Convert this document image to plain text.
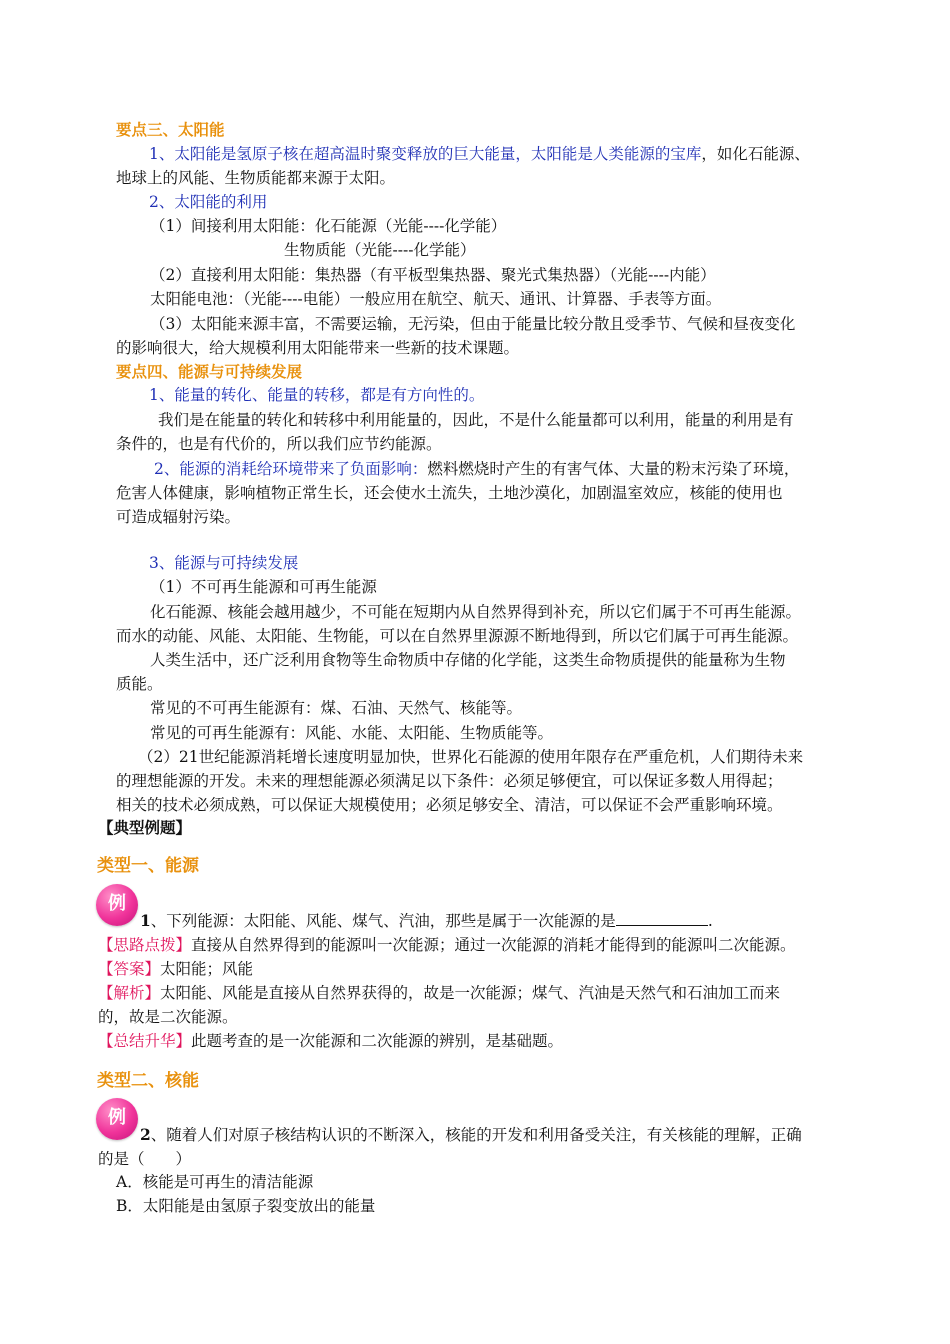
要点三、太阳能
1、太阳能是氢原子核在超高温时聚变释放的巨大能量，太阳能是人类能源的宝库，如化石能源、
地球上的风能、生物质能都来源于太阳。
2、太阳能的利用
（1）间接利用太阳能：化石能源（光能----化学能）
生物质能（光能----化学能）
（2）直接利用太阳能：集热器（有平板型集热器、聚光式集热器）（光能----内能）
太阳能电池：（光能----电能）一般应用在航空、航天、通讯、计算器、手表等方面。
（3）太阳能来源丰富，不需要运输，无污染，但由于能量比较分散且受季节、气候和昼夜变化
的影响很大，给大规模利用太阳能带来一些新的技术课题。
要点四、能源与可持续发展
1、能量的转化、能量的转移，都是有方向性的。
我们是在能量的转化和转移中利用能量的，因此，不是什么能量都可以利用，能量的利用是有
条件的，也是有代价的，所以我们应节约能源。
2、能源的消耗给环境带来了负面影响：燃料燃烧时产生的有害气体、大量的粉末污染了环境，
危害人体健康，影响植物正常生长，还会使水土流失，土地沙漠化，加剧温室效应，核能的使用也
可造成辐射污染。
3、能源与可持续发展
（1）不可再生能源和可再生能源
化石能源、核能会越用越少，不可能在短期内从自然界得到补充，所以它们属于不可再生能源。
而水的动能、风能、太阳能、生物能，可以在自然界里源源不断地得到，所以它们属于可再生能源。
人类生活中，还广泛利用食物等生命物质中存储的化学能，这类生命物质提供的能量称为生物
质能。
常见的不可再生能源有：煤、石油、天然气、核能等。
常见的可再生能源有：风能、水能、太阳能、生物质能等。
（2）21世纪能源消耗增长速度明显加快，世界化石能源的使用年限存在严重危机，人们期待未来
的理想能源的开发。未来的理想能源必须满足以下条件：必须足够便宜，可以保证多数人用得起；
相关的技术必须成熟，可以保证大规模使用；必须足够安全、清洁，可以保证不会严重影响环境。
【典型例题】
类型一、能源
例
1、下列能源：太阳能、风能、煤气、汽油，那些是属于一次能源的是	.
【思路点拨】直接从自然界得到的能源叫一次能源；通过一次能源的消耗才能得到的能源叫二次能源。
【答案】太阳能；风能
【解析】太阳能、风能是直接从自然界获得的，故是一次能源；煤气、汽油是天然气和石油加工而来
的，故是二次能源。
【总结升华】此题考查的是一次能源和二次能源的辨别，是基础题。
类型二、核能
例
2、随着人们对原子核结构认识的不断深入，核能的开发和利用备受关注，有关核能的理解，正确
的是（　　）
A．核能是可再生的清洁能源
B．太阳能是由氢原子裂变放出的能量
